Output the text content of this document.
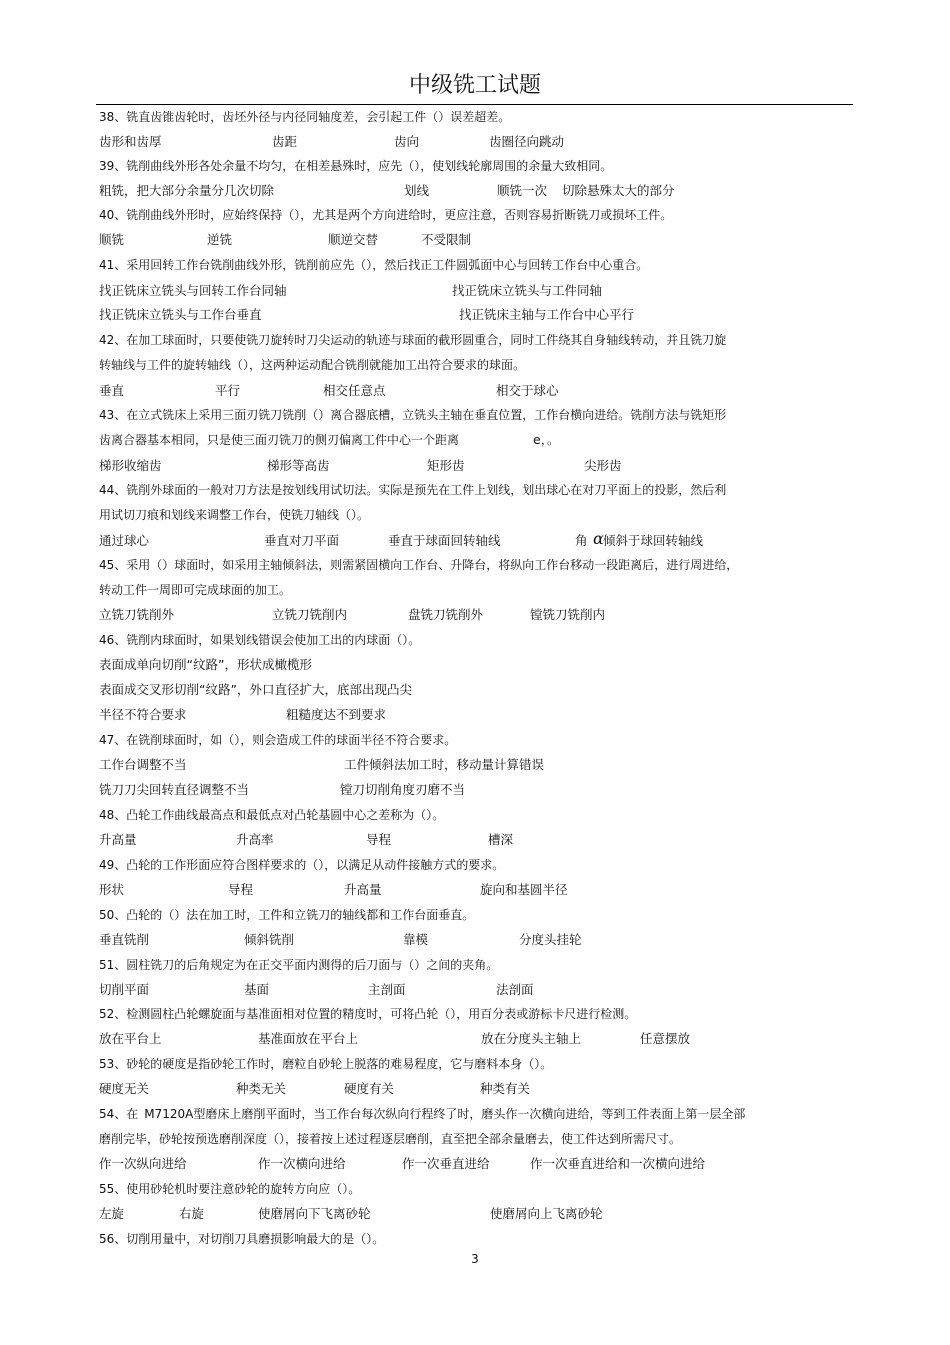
中级铣工试题
38、铣直齿锥齿轮时，齿坯外径与内径同轴度差，会引起工件（）误差超差。
齿形和齿厚	齿距	齿向	齿圈径向跳动
39、铣削曲线外形各处余量不均匀，在相差悬殊时，应先（），使划线轮廓周围的余量大致相同。
粗铣，把大部分余量分几次切除	划线	顺铣一次 切除悬殊太大的部分
40、铣削曲线外形时，应始终保持（），尤其是两个方向进给时，更应注意，否则容易折断铣刀或损坏工件。
顺铣	逆铣	顺逆交替	不受限制
41、采用回转工作台铣削曲线外形，铣削前应先（），然后找正工件圆弧面中心与回转工作台中心重合。
找正铣床立铣头与回转工作台同轴	找正铣床立铣头与工件同轴
找正铣床立铣头与工作台垂直	找正铣床主轴与工作台中心平行
42、在加工球面时，只要使铣刀旋转时刀尖运动的轨迹与球面的截形圆重合，同时工件绕其自身轴线转动，并且铣刀旋
转轴线与工件的旋转轴线（），这两种运动配合铣削就能加工出符合要求的球面。
垂直	平行	相交任意点	相交于球心
43、在立式铣床上采用三面刃铣刀铣削（）离合器底槽，立铣头主轴在垂直位置，工作台横向进给。铣削方法与铣矩形
齿离合器基本相同，只是使三面刃铣刀的侧刃偏离工件中心一个距离	e，。
梯形收缩齿	梯形等高齿	矩形齿	尖形齿
44、铣削外球面的一般对刀方法是按划线用试切法。实际是预先在工件上划线，划出球心在对刀平面上的投影，然后利
用试切刀痕和划线来调整工作台，使铣刀轴线（）。
通过球心	垂直对刀平面	垂直于球面回转轴线	角 α 倾斜于球回转轴线
45、采用（）球面时，如采用主轴倾斜法，则需紧固横向工作台、升降台，将纵向工作台移动一段距离后，进行周进给，
转动工件一周即可完成球面的加工。
立铣刀铣削外	立铣刀铣削内	盘铣刀铣削外	镗铣刀铣削内
46、铣削内球面时，如果划线错误会使加工出的内球面（）。
表面成单向切削“纹路”，形状成橄榄形
表面成交叉形切削“纹路”，外口直径扩大，底部出现凸尖
半径不符合要求	粗糙度达不到要求
47、在铣削球面时，如（），则会造成工件的球面半径不符合要求。
工作台调整不当	工件倾斜法加工时，移动量计算错误
铣刀刀尖回转直径调整不当	镗刀切削角度刃磨不当
48、凸轮工作曲线最高点和最低点对凸轮基圆中心之差称为（）。
升高量	升高率	导程	槽深
49、凸轮的工作形面应符合图样要求的（），以满足从动件接触方式的要求。
形状	导程	升高量	旋向和基圆半径
50、凸轮的（）法在加工时，工件和立铣刀的轴线都和工作台面垂直。
垂直铣削	倾斜铣削	靠模	分度头挂轮
51、圆柱铣刀的后角规定为在正交平面内测得的后刀面与（）之间的夹角。
切削平面	基面	主剖面	法剖面
52、检测圆柱凸轮螺旋面与基准面相对位置的精度时，可将凸轮（），用百分表或游标卡尺进行检测。
放在平台上	基准面放在平台上	放在分度头主轴上	任意摆放
53、砂轮的硬度是指砂轮工作时，磨粒自砂轮上脱落的难易程度，它与磨料本身（）。
硬度无关	种类无关	硬度有关	种类有关
54、在 M7120A型磨床上磨削平面时，当工作台每次纵向行程终了时，磨头作一次横向进给，等到工件表面上第一层全部
磨削完毕，砂轮按预选磨削深度（），接着按上述过程逐层磨削，直至把全部余量磨去，使工件达到所需尺寸。
作一次纵向进给	作一次横向进给	作一次垂直进给	作一次垂直进给和一次横向进给
55、使用砂轮机时要注意砂轮的旋转方向应（）。
左旋	右旋	使磨屑向下飞离砂轮	使磨屑向上飞离砂轮
56、切削用量中，对切削刀具磨损影响最大的是（）。
3
